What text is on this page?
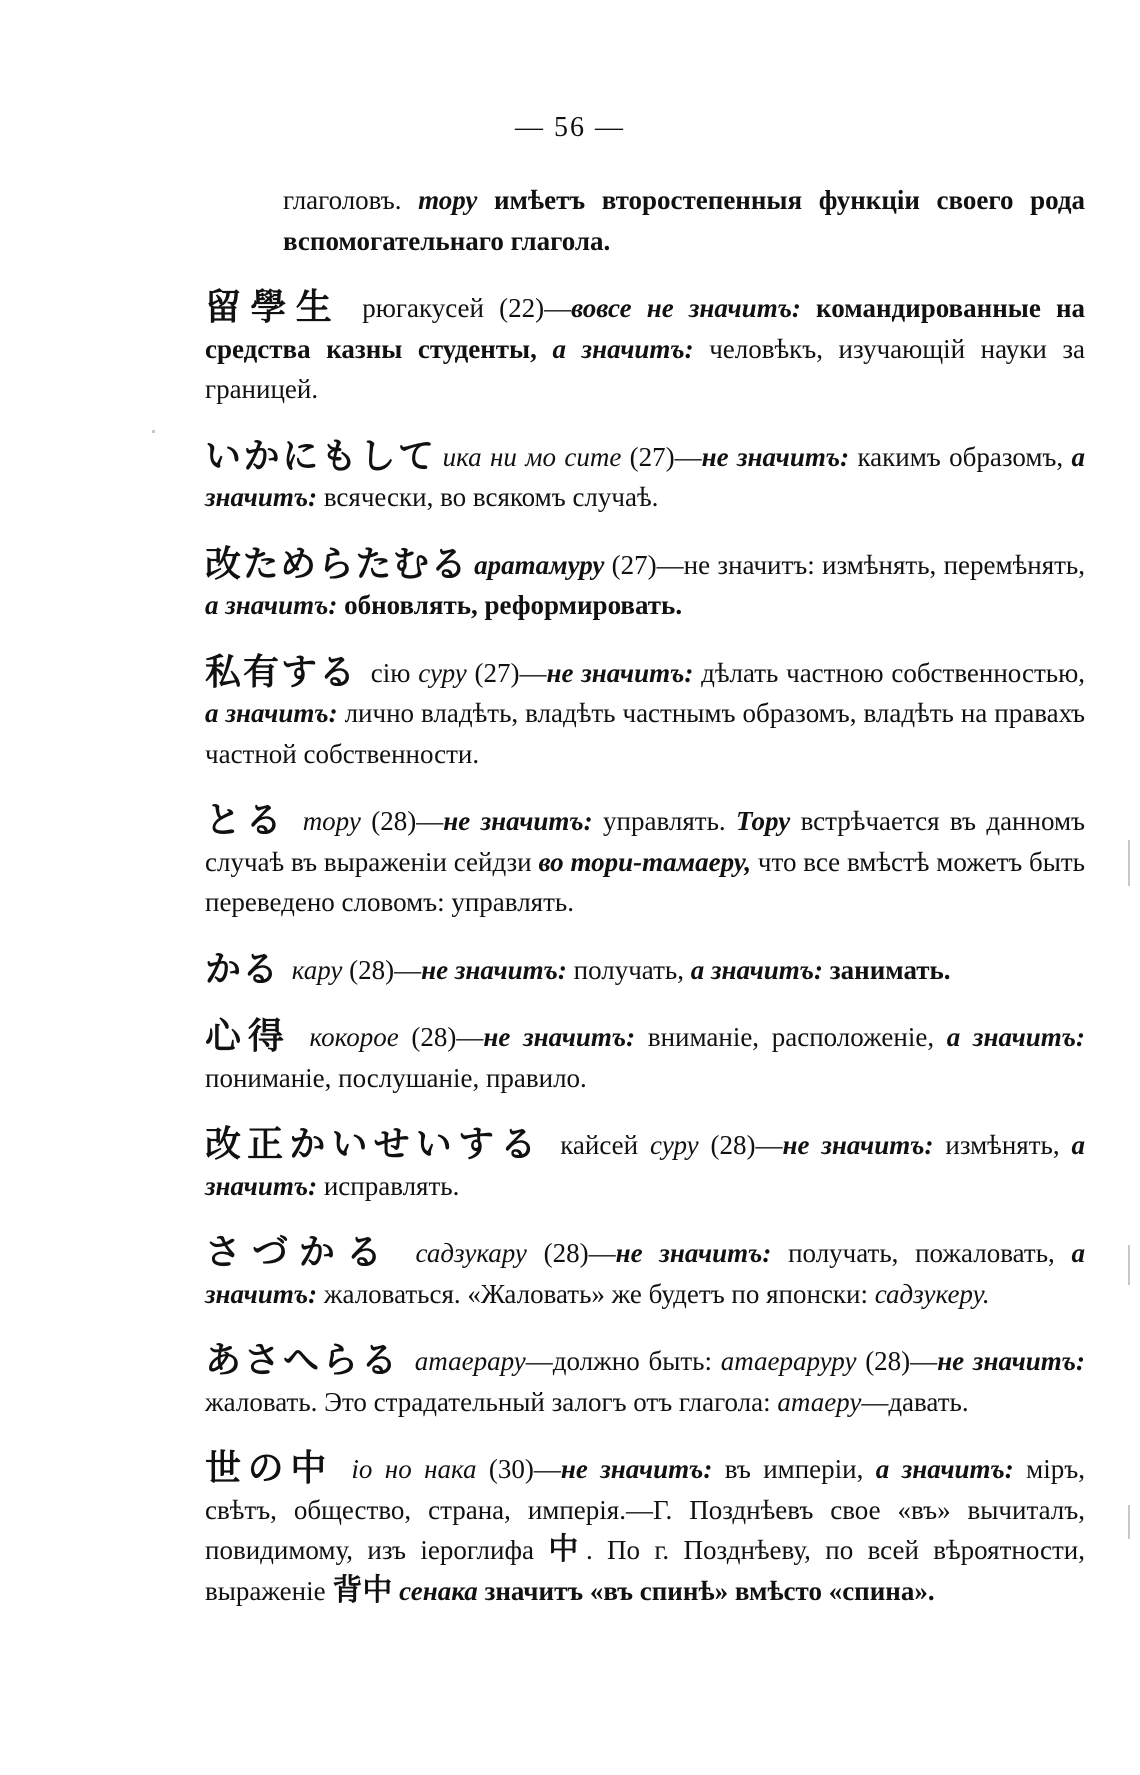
— 56 —

глаголовъ. тору имѣетъ второстепенныя функціи своего рода вспомогательнаго глагола.

留學生 рюгакусей (22)—вовсе не значитъ: командированные на средства казны студенты, а значитъ: человѣкъ, изучающій науки за границей.

いかにもして ика ни мо сите (27)—не значитъ: какимъ образомъ, а значитъ: всячески, во всякомъ случаѣ.

改ためらたむる аратамуру (27)—не значитъ: измѣнять, перемѣнять, а значитъ: обновлять, реформировать.

私有する сію суру (27)—не значитъ: дѣлать частною собственностью, а значитъ: лично владѣть, владѣть частнымъ образомъ, владѣть на правахъ частной собственности.

とる тору (28)—не значитъ: управлять. Тору встрѣчается въ данномъ случаѣ въ выраженіи сейдзи во тори-тамаеру, что все вмѣстѣ можетъ быть переведено словомъ: управлять.

かる кару (28)—не значитъ: получать, а значитъ: занимать.

心得 кокорое (28)—не значитъ: вниманіе, расположеніе, а значитъ: пониманіе, послушаніе, правило.

改正かいせいする кайсей суру (28)—не значитъ: измѣнять, а значитъ: исправлять.

さづかる садзукару (28)—не значитъ: получать, пожаловать, а значитъ: жаловаться. «Жаловать» же будетъ по японски: садзукеру.

あさへらる атаерару—должно быть: атаераруру (28)—не значитъ: жаловать. Это страдательный залогъ отъ глагола: атаеру—давать.

世の中 іо но нака (30)—не значитъ: въ имперіи, а значитъ: міръ, свѣтъ, общество, страна, имперія.—Г. Позднѣевъ свое «въ» вычиталъ, повидимому, изъ іероглифа 中. По г. Позднѣеву, по всей вѣроятности, выраженіе 背中 сенака значитъ «въ спинѣ» вмѣсто «спина».
